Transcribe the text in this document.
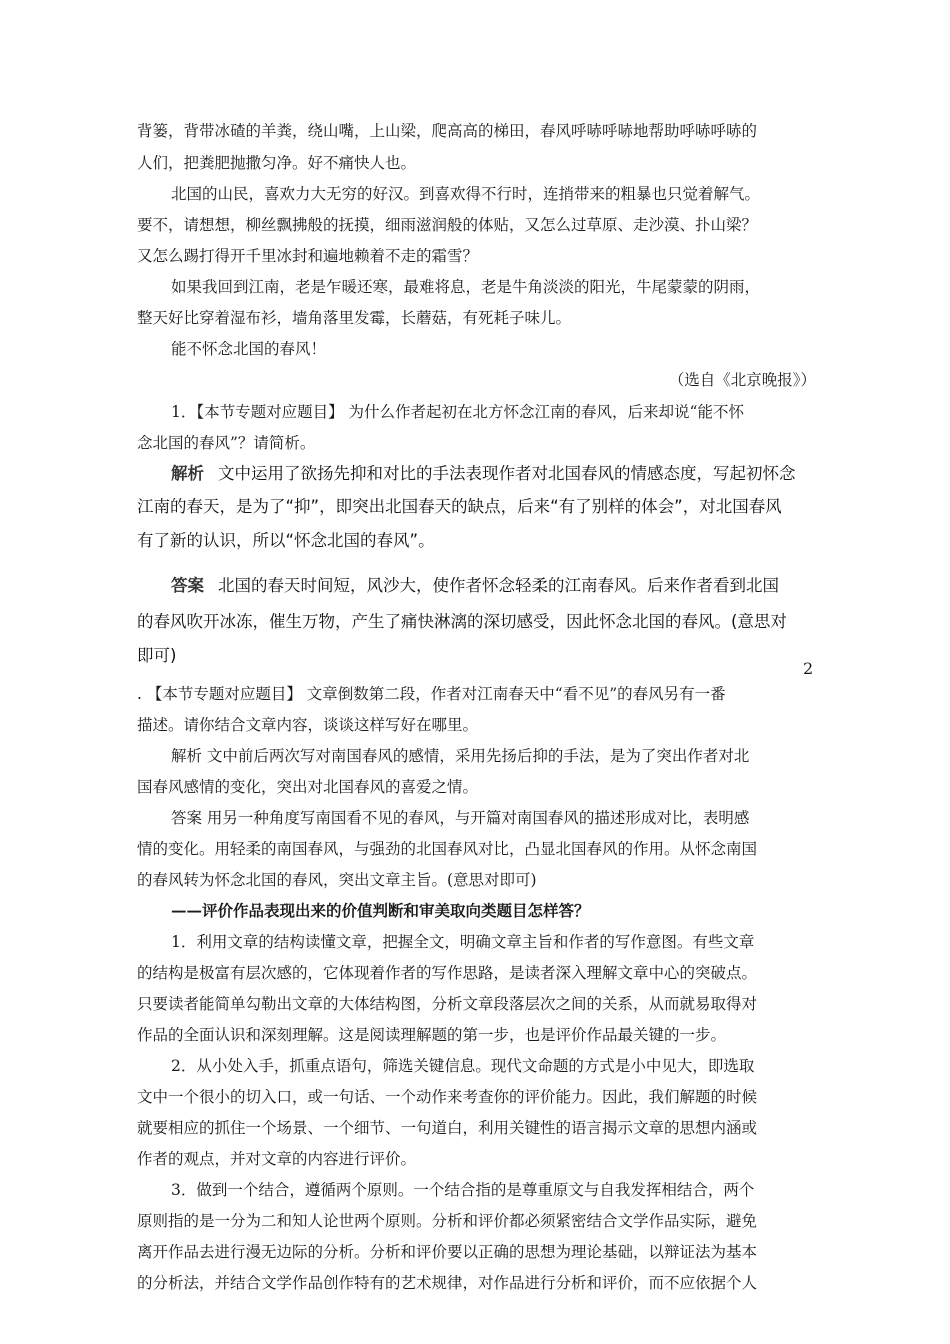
背篓，背带冰碴的羊粪，绕山嘴，上山梁，爬高高的梯田，春风呼哧呼哧地帮助呼哧呼哧的
人们，把粪肥抛撒匀净。好不痛快人也。
北国的山民，喜欢力大无穷的好汉。到喜欢得不行时，连捎带来的粗暴也只觉着解气。
要不，请想想，柳丝飘拂般的抚摸，细雨滋润般的体贴，又怎么过草原、走沙漠、扑山梁？
又怎么踢打得开千里冰封和遍地赖着不走的霜雪？
如果我回到江南，老是乍暖还寒，最难将息，老是牛角淡淡的阳光，牛尾蒙蒙的阴雨，
整天好比穿着湿布衫，墙角落里发霉，长蘑菇，有死耗子味儿。
能不怀念北国的春风！
（选自《北京晚报》）
1．【本节专题对应题目】 为什么作者起初在北方怀念江南的春风，后来却说“能不怀
念北国的春风”？请简析。
解析 文中运用了欲扬先抑和对比的手法表现作者对北国春风的情感态度，写起初怀念
江南的春天，是为了“抑”，即突出北国春天的缺点，后来“有了别样的体会”，对北国春风
有了新的认识，所以“怀念北国的春风”。
答案 北国的春天时间短，风沙大，使作者怀念轻柔的江南春风。后来作者看到北国
的春风吹开冰冻，催生万物，产生了痛快淋漓的深切感受，因此怀念北国的春风。(意思对
即可)
2
. 【本节专题对应题目】 文章倒数第二段，作者对江南春天中“看不见”的春风另有一番
描述。请你结合文章内容，谈谈这样写好在哪里。
解析 文中前后两次写对南国春风的感情，采用先扬后抑的手法，是为了突出作者对北
国春风感情的变化，突出对北国春风的喜爱之情。
答案 用另一种角度写南国看不见的春风，与开篇对南国春风的描述形成对比，表明感
情的变化。用轻柔的南国春风，与强劲的北国春风对比，凸显北国春风的作用。从怀念南国
的春风转为怀念北国的春风，突出文章主旨。(意思对即可)
——评价作品表现出来的价值判断和审美取向类题目怎样答？
1．利用文章的结构读懂文章，把握全文，明确文章主旨和作者的写作意图。有些文章
的结构是极富有层次感的，它体现着作者的写作思路，是读者深入理解文章中心的突破点。
只要读者能简单勾勒出文章的大体结构图，分析文章段落层次之间的关系，从而就易取得对
作品的全面认识和深刻理解。这是阅读理解题的第一步，也是评价作品最关键的一步。
2．从小处入手，抓重点语句，筛选关键信息。现代文命题的方式是小中见大，即选取
文中一个很小的切入口，或一句话、一个动作来考查你的评价能力。因此，我们解题的时候
就要相应的抓住一个场景、一个细节、一句道白，利用关键性的语言揭示文章的思想内涵或
作者的观点，并对文章的内容进行评价。
3．做到一个结合，遵循两个原则。一个结合指的是尊重原文与自我发挥相结合，两个
原则指的是一分为二和知人论世两个原则。分析和评价都必须紧密结合文学作品实际，避免
离开作品去进行漫无边际的分析。分析和评价要以正确的思想为理论基础，以辩证法为基本
的分析法，并结合文学作品创作特有的艺术规律，对作品进行分析和评价，而不应依据个人
